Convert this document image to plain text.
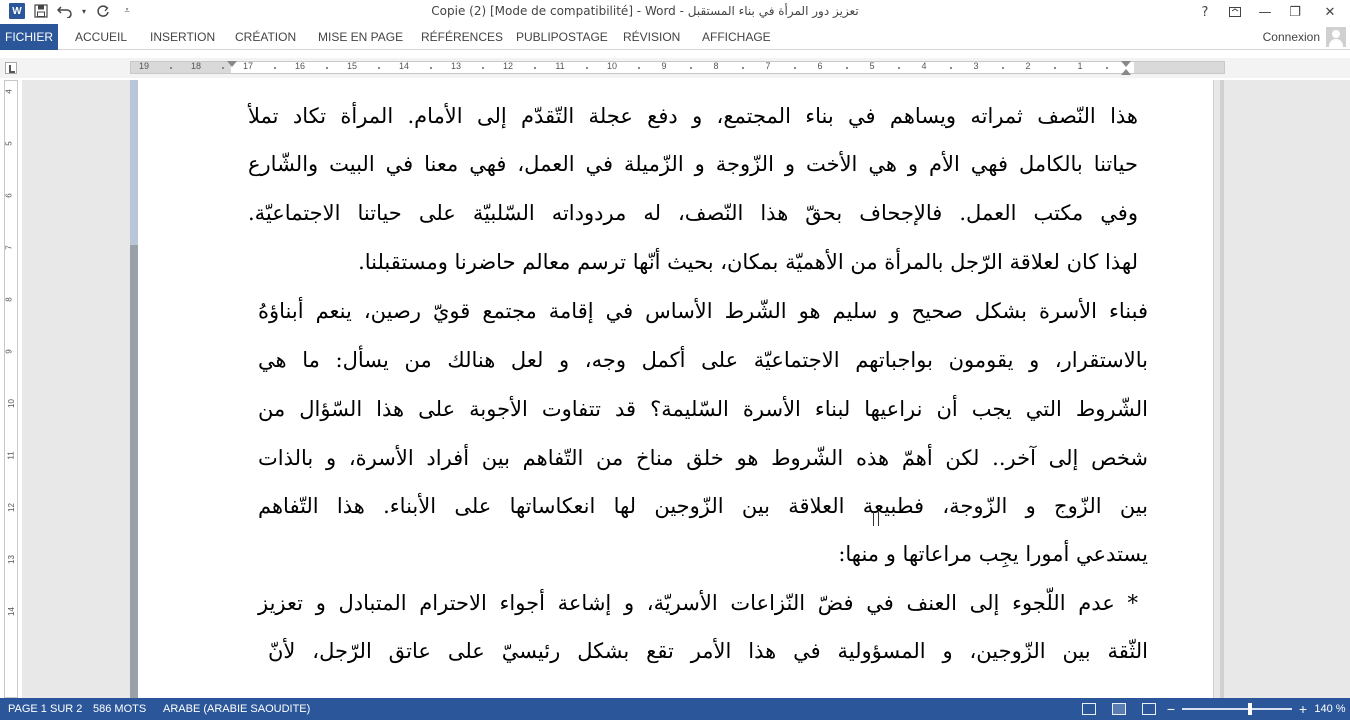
W	▾	⩡	تعزيز دور المرأة في بناء المستقبل - Copie (2) [Mode de compatibilité] - Word	?	—	❐	✕
FICHIER	ACCUEIL INSERTION CRÉATION MISE EN PAGE RÉFÉRENCES PUBLIPOSTAGE RÉVISION AFFICHAGE	Connexion
19	18	17	16	15	14	13	12	11	10	9	8	7	6	5	4	3	2	1
4
5
6
7
8
9
10
11
12
13
14
هذا النّصف ثمراته ويساهم في بناء المجتمع، و دفع عجلة التّقدّم إلى الأمام. المرأة تكاد تملأ
حياتنا بالكامل فهي الأم و هي الأخت و الزّوجة و الزّميلة في العمل، فهي معنا في البيت والشّارع
وفي مكتب العمل. فالإجحاف بحقّ هذا النّصف، له مردوداته السّلبيّة على حياتنا الاجتماعيّة.
لهذا كان لعلاقة الرّجل بالمرأة من الأهميّة بمكان، بحيث أنّها ترسم معالم حاضرنا ومستقبلنا.
فبناء الأسرة بشكل صحيح و سليم هو الشّرط الأساس في إقامة مجتمع قويّ رصين، ينعم أبناؤهُ
بالاستقرار، و يقومون بواجباتهم الاجتماعيّة على أكمل وجه، و لعل هنالك من يسأل: ما هي
الشّروط التي يجب أن نراعيها لبناء الأسرة السّليمة؟ قد تتفاوت الأجوبة على هذا السّؤال من
شخص إلى آخر.. لكن أهمّ هذه الشّروط هو خلق مناخ من التّفاهم بين أفراد الأسرة، و بالذات
بين الزّوج و الزّوجة، فطبيعة العلاقة بين الزّوجين لها انعكاساتها على الأبناء. هذا التّفاهم
يستدعي أمورا يجِب مراعاتها و منها:
* عدم اللّجوء إلى العنف في فضّ النّزاعات الأسريّة، و إشاعة أجواء الاحترام المتبادل و تعزيز
الثّقة بين الزّوجين، و المسؤولية في هذا الأمر تقع بشكل رئيسيّ على عاتق الرّجل، لأنّ
PAGE 1 SUR 2 586 MOTS ARABE (ARABIE SAOUDITE)	−	+ 140 %
